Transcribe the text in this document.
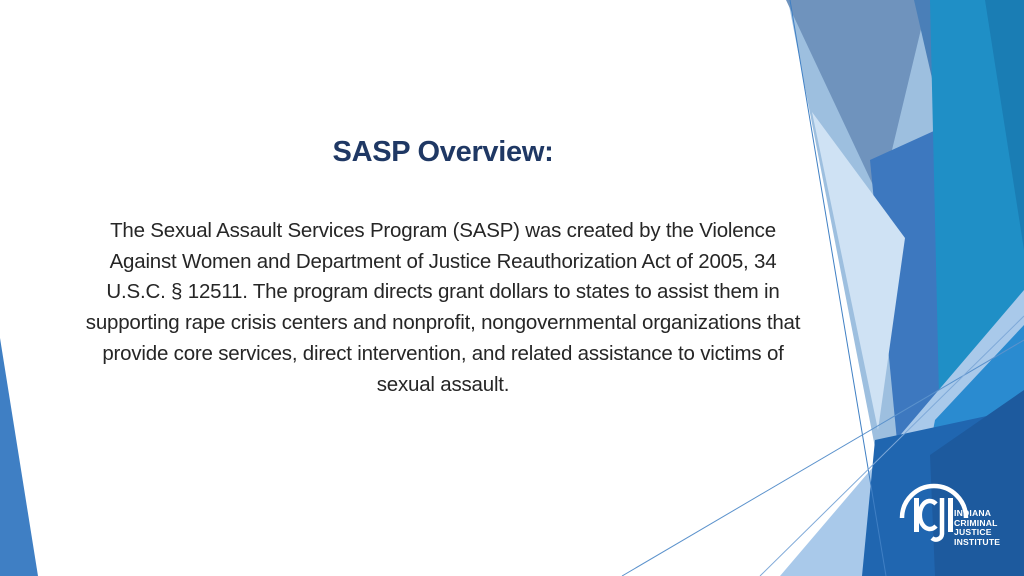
SASP Overview:

The Sexual Assault Services Program (SASP) was created by the Violence Against Women and Department of Justice Reauthorization Act of 2005, 34 U.S.C. § 12511. The program directs grant dollars to states to assist them in supporting rape crisis centers and nonprofit, nongovernmental organizations that provide core services, direct intervention, and related assistance to victims of sexual assault.

INDIANA
CRIMINAL
JUSTICE
INSTITUTE
